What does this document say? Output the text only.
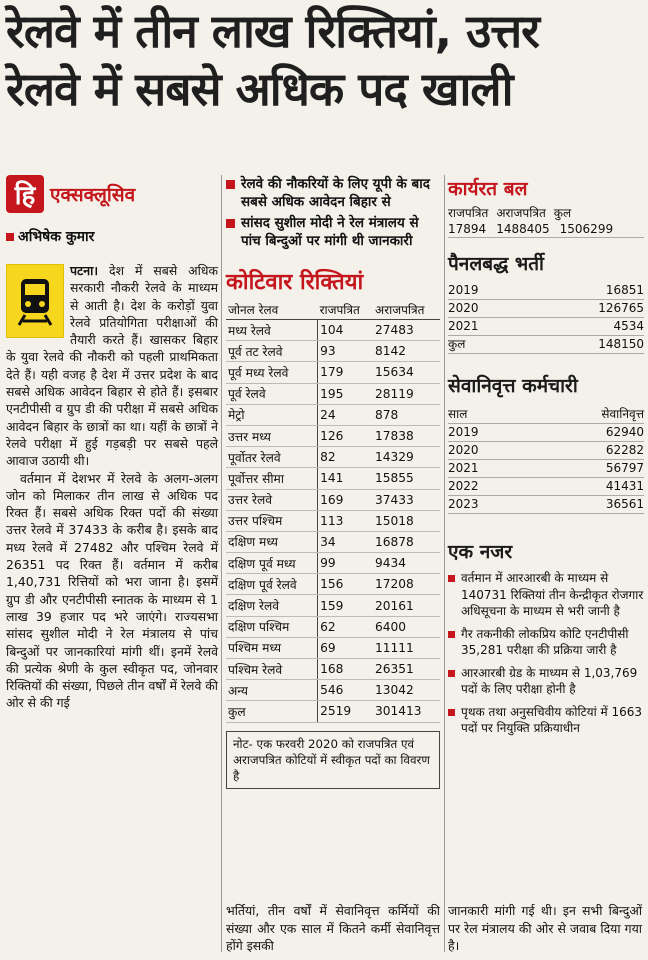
रेलवे में तीन लाख रिक्तियां, उत्तर
रेलवे में सबसे अधिक पद खाली
हि एक्सक्लूसिव
अभिषेक कुमार
पटना। देश में सबसे अधिक सरकारी नौकरी रेलवे के माध्यम से आती है। देश के करोड़ों युवा रेलवे प्रतियोगिता परीक्षाओं की तैयारी करते हैं। खासकर बिहार के युवा रेलवे की नौकरी को पहली प्राथमिकता देते हैं। यही वजह है देश में उत्तर प्रदेश के बाद सबसे अधिक आवेदन बिहार से होते हैं। इसबार एनटीपीसी व ग्रुप डी की परीक्षा में सबसे अधिक आवेदन बिहार के छात्रों का था। यहीं के छात्रों ने रेलवे परीक्षा में हुई गड़बड़ी पर सबसे पहले आवाज उठायी थी।
वर्तमान में देशभर में रेलवे के अलग-अलग जोन को मिलाकर तीन लाख से अधिक पद रिक्त हैं। सबसे अधिक रिक्त पदों की संख्या उत्तर रेलवे में 37433 के करीब है। इसके बाद मध्य रेलवे में 27482 और पश्चिम रेलवे में 26351 पद रिक्त हैं। वर्तमान में करीब 1,40,731 रित्तियों को भरा जाना है। इसमें ग्रुप डी और एनटीपीसी स्नातक के माध्यम से 1 लाख 39 हजार पद भरे जाएंगे। राज्यसभा सांसद सुशील मोदी ने रेल मंत्रालय से पांच बिन्दुओं पर जानकारियां मांगी थीं। इनमें रेलवे की प्रत्येक श्रेणी के कुल स्वीकृत पद, जोनवार रिक्तियों की संख्या, पिछले तीन वर्षों में रेलवे की ओर से की गई
रेलवे की नौकरियों के लिए यूपी के बाद सबसे अधिक आवेदन बिहार से
सांसद सुशील मोदी ने रेल मंत्रालय से पांच बिन्दुओं पर मांगी थी जानकारी
कोटिवार रिक्तियां
जोनल रेलव	राजपत्रित	अराजपत्रित
मध्य रेलवे	104	27483
पूर्व तट रेलवे	93	8142
पूर्व मध्य रेलवे	179	15634
पूर्व रेलवे	195	28119
मेट्रो	24	878
उत्तर मध्य	126	17838
पूर्वोतर रेलवे	82	14329
पूर्वोत्तर सीमा	141	15855
उत्तर रेलवे	169	37433
उत्तर पश्चिम	113	15018
दक्षिण मध्य	34	16878
दक्षिण पूर्व मध्य	99	9434
दक्षिण पूर्व रेलवे	156	17208
दक्षिण रेलवे	159	20161
दक्षिण पश्चिम	62	6400
पश्चिम मध्य	69	11111
पश्चिम रेलवे	168	26351
अन्य	546	13042
कुल	2519	301413
नोट- एक फरवरी 2020 को राजपत्रित एवं अराजपत्रित कोटियों में स्वीकृत पदों का विवरण है
कार्यरत बल
राजपत्रित अराजपत्रित कुल
17894 1488405 1506299
पैनलबद्ध भर्ती
2019	16851
2020	126765
2021	4534
कुल	148150
सेवानिवृत्त कर्मचारी
साल	सेवानिवृत्त
2019	62940
2020	62282
2021	56797
2022	41431
2023	36561
एक नजर
वर्तमान में आरआरबी के माध्यम से 140731 रिक्तियां तीन केन्द्रीकृत रोजगार अधिसूचना के माध्यम से भरी जानी है
गैर तकनीकी लोकप्रिय कोटि एनटीपीसी 35,281 परीक्षा की प्रक्रिया जारी है
आरआरबी ग्रेड के माध्यम से 1,03,769 पदों के लिए परीक्षा होनी है
पृथक तथा अनुसचिवीय कोटियां में 1663 पदों पर नियुक्ति प्रक्रियाधीन
भर्तियां, तीन वर्षों में सेवानिवृत्त कर्मियों की संख्या और एक साल में कितने कर्मी सेवानिवृत्त होंगे इसकी
जानकारी मांगी गई थी। इन सभी बिन्दुओं पर रेल मंत्रालय की ओर से जवाब दिया गया है।
